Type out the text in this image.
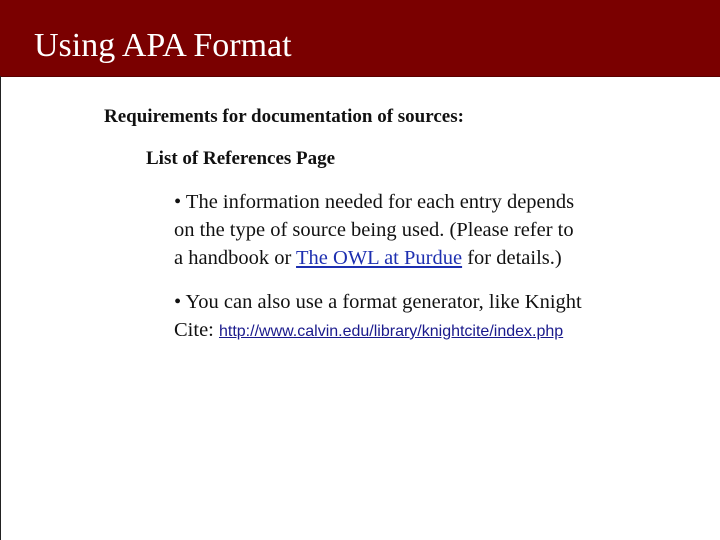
Using APA Format
Requirements for documentation of sources:
List of References Page
• The information needed for each entry depends
on the type of source being used. (Please refer to
a handbook or The OWL at Purdue for details.)
• You can also use a format generator, like Knight
Cite: http://www.calvin.edu/library/knightcite/index.php
